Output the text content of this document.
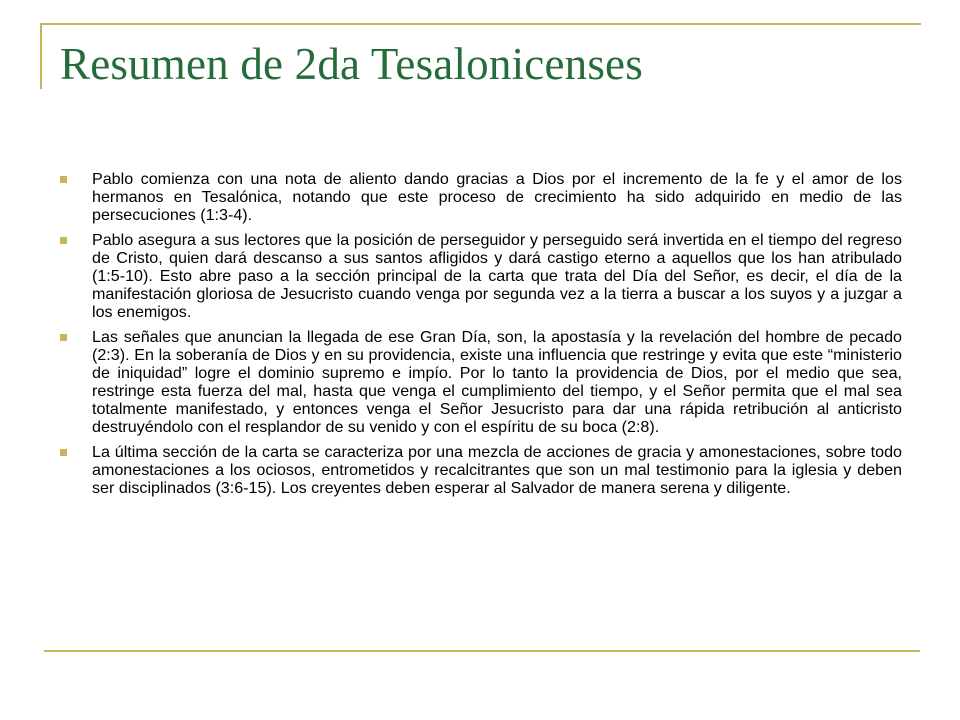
Resumen de 2da Tesalonicenses
Pablo comienza con una nota de aliento dando gracias a Dios por el incremento de la fe y el amor de los hermanos en Tesalónica, notando que este proceso de crecimiento ha sido adquirido en medio de las persecuciones (1:3-4).
Pablo asegura a sus lectores que la posición de perseguidor y perseguido será invertida en el tiempo del regreso de Cristo, quien dará descanso a sus santos afligidos y dará castigo eterno a aquellos que los han atribulado (1:5-10). Esto abre paso a la sección principal de la carta que trata del Día del Señor, es decir, el día de la manifestación gloriosa de Jesucristo cuando venga por segunda vez a la tierra a buscar a los suyos y a juzgar a los enemigos.
Las señales que anuncian la llegada de ese Gran Día, son, la apostasía y la revelación del hombre de pecado (2:3). En la soberanía de Dios y en su providencia, existe una influencia que restringe y evita que este “ministerio de iniquidad” logre el dominio supremo e impío. Por lo tanto la providencia de Dios, por el medio que sea, restringe esta fuerza del mal, hasta que venga el cumplimiento del tiempo, y el Señor permita que el mal sea totalmente manifestado, y entonces venga el Señor Jesucristo para dar una rápida retribución al anticristo destruyéndolo con el resplandor de su venido y con el espíritu de su boca (2:8).
La última sección de la carta se caracteriza por una mezcla de acciones de gracia y amonestaciones, sobre todo amonestaciones a los ociosos, entrometidos y recalcitrantes que son un mal testimonio para la iglesia y deben ser disciplinados (3:6-15). Los creyentes deben esperar al Salvador de manera serena y diligente.
